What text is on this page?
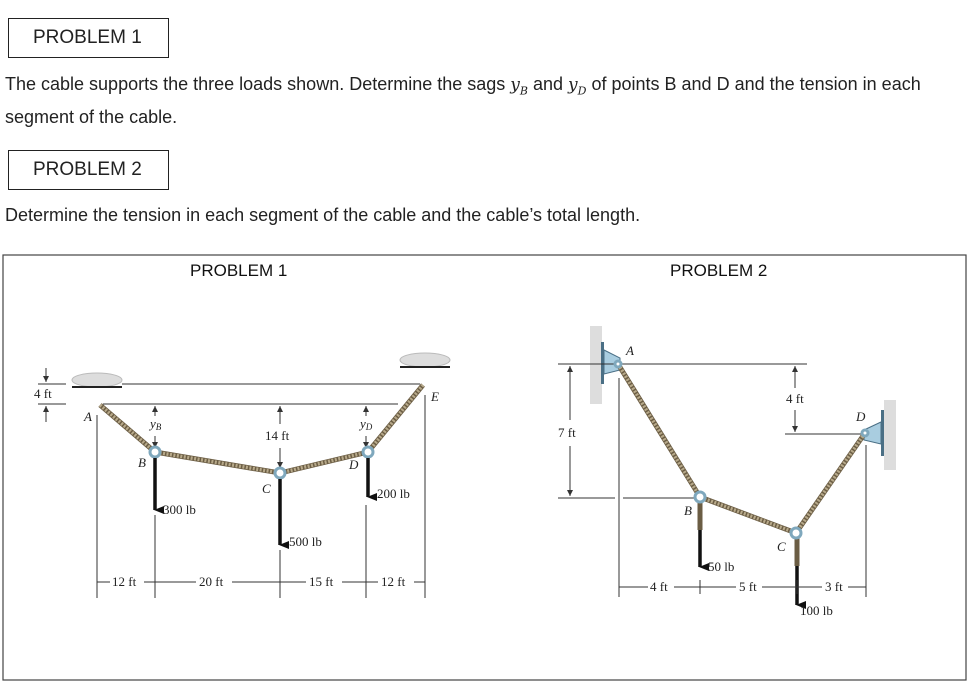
PROBLEM 1
The cable supports the three loads shown. Determine the sags $y_B$ and $y_D$ of points B and D and the tension in each segment of the cable.
PROBLEM 2
Determine the tension in each segment of the cable and the cable’s total length.
PROBLEM 1
4 ft
yB	yD
14 ft
300 lb
500 lb
200 lb
A
B
C
D
E
12 ft	20 ft	15 ft	12 ft
PROBLEM 2
7 ft
4 ft
50 lb
100 lb
A
B
C
D
4 ft	5 ft	3 ft
